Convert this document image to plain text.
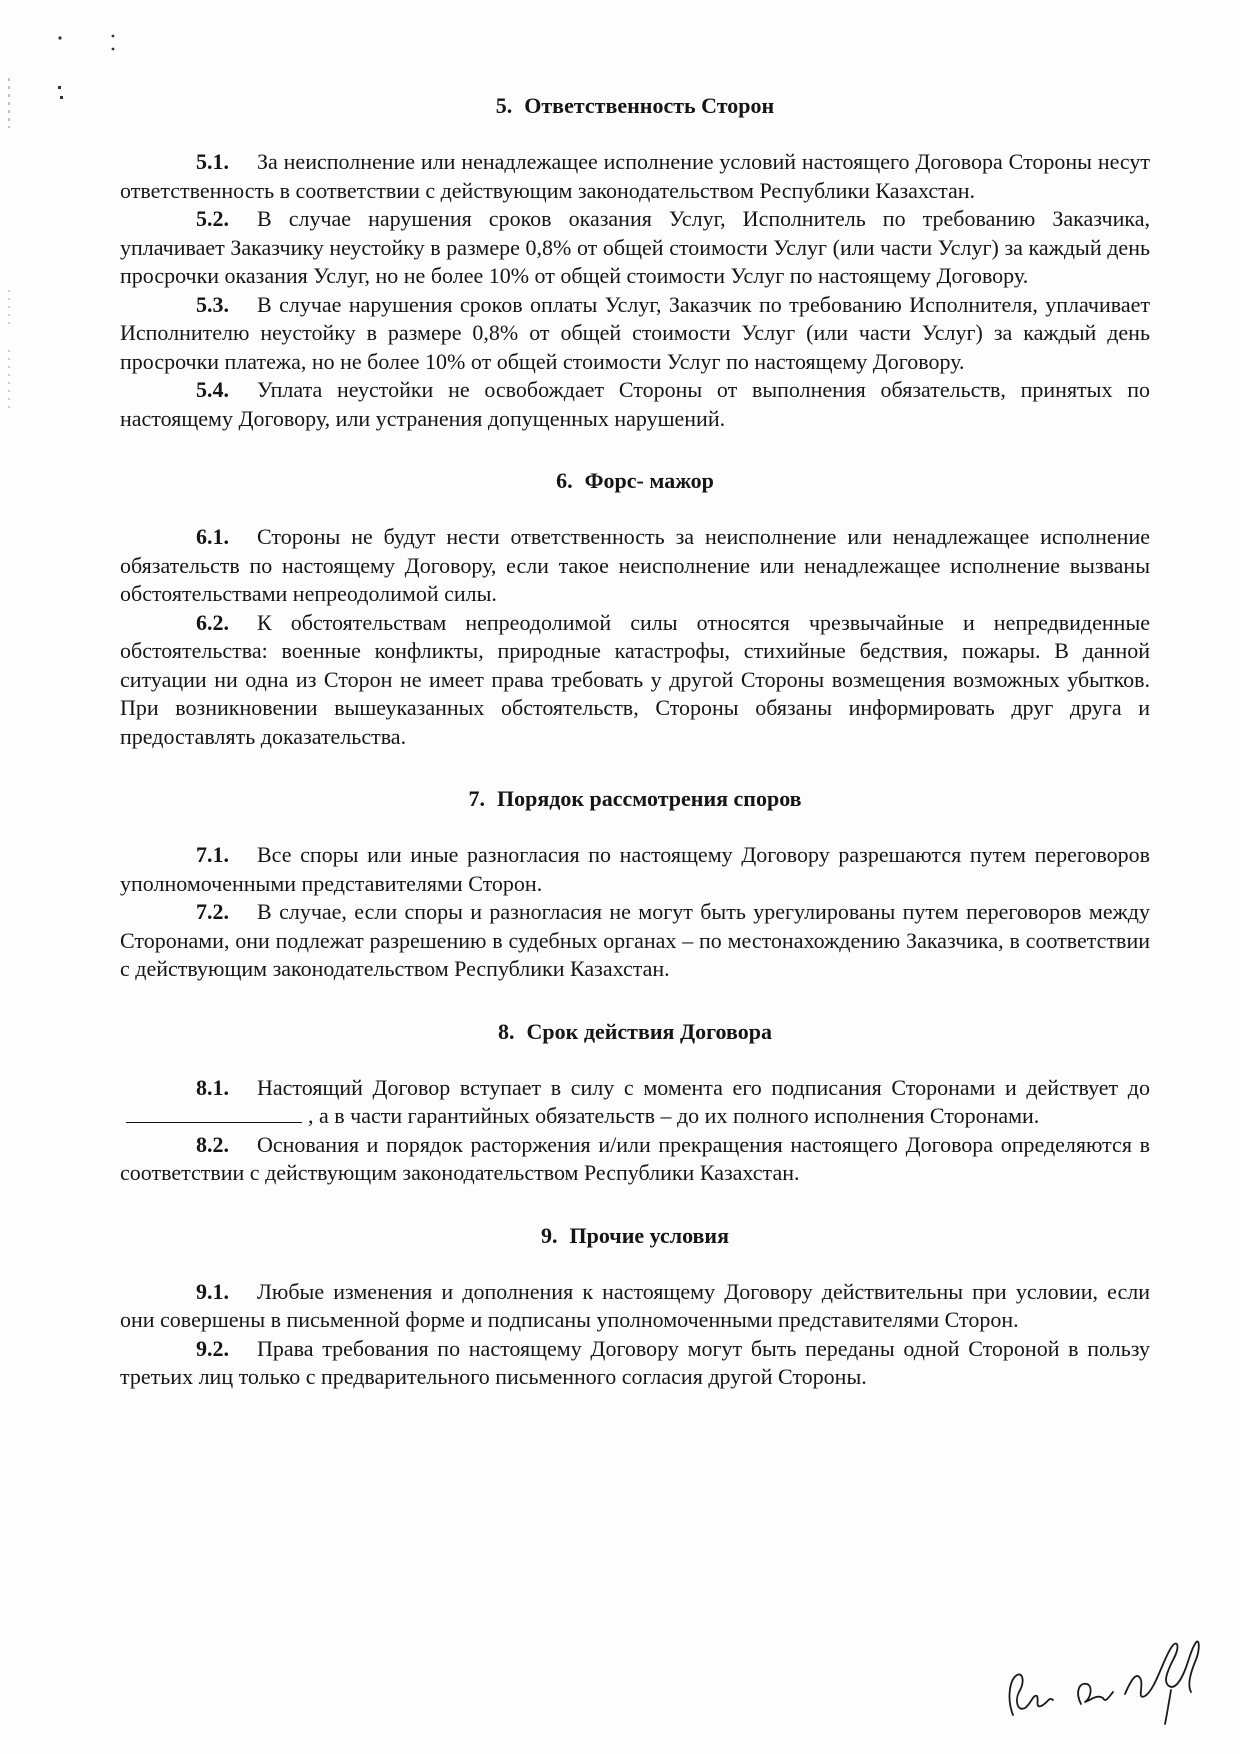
5. Ответственность Сторон

5.1. За неисполнение или ненадлежащее исполнение условий настоящего Договора Стороны несут ответственность в соответствии с действующим законодательством Республики Казахстан.

5.2. В случае нарушения сроков оказания Услуг, Исполнитель по требованию Заказчика, уплачивает Заказчику неустойку в размере 0,8% от общей стоимости Услуг (или части Услуг) за каждый день просрочки оказания Услуг, но не более 10% от общей стоимости Услуг по настоящему Договору.

5.3. В случае нарушения сроков оплаты Услуг, Заказчик по требованию Исполнителя, уплачивает Исполнителю неустойку в размере 0,8% от общей стоимости Услуг (или части Услуг) за каждый день просрочки платежа, но не более 10% от общей стоимости Услуг по настоящему Договору.

5.4. Уплата неустойки не освобождает Стороны от выполнения обязательств, принятых по настоящему Договору, или устранения допущенных нарушений.

6. Форс- мажор

6.1. Стороны не будут нести ответственность за неисполнение или ненадлежащее исполнение обязательств по настоящему Договору, если такое неисполнение или ненадлежащее исполнение вызваны обстоятельствами непреодолимой силы.

6.2. К обстоятельствам непреодолимой силы относятся чрезвычайные и непредвиденные обстоятельства: военные конфликты, природные катастрофы, стихийные бедствия, пожары. В данной ситуации ни одна из Сторон не имеет права требовать у другой Стороны возмещения возможных убытков. При возникновении вышеуказанных обстоятельств, Стороны обязаны информировать друг друга и предоставлять доказательства.

7. Порядок рассмотрения споров

7.1. Все споры или иные разногласия по настоящему Договору разрешаются путем переговоров уполномоченными представителями Сторон.

7.2. В случае, если споры и разногласия не могут быть урегулированы путем переговоров между Сторонами, они подлежат разрешению в судебных органах – по местонахождению Заказчика, в соответствии с действующим законодательством Республики Казахстан.

8. Срок действия Договора

8.1. Настоящий Договор вступает в силу с момента его подписания Сторонами и действует до, а в части гарантийных обязательств – до их полного исполнения Сторонами.

8.2. Основания и порядок расторжения и/или прекращения настоящего Договора определяются в соответствии с действующим законодательством Республики Казахстан.

9. Прочие условия

9.1. Любые изменения и дополнения к настоящему Договору действительны при условии, если они совершены в письменной форме и подписаны уполномоченными представителями Сторон.

9.2. Права требования по настоящему Договору могут быть переданы одной Стороной в пользу третьих лиц только с предварительного письменного согласия другой Стороны.
